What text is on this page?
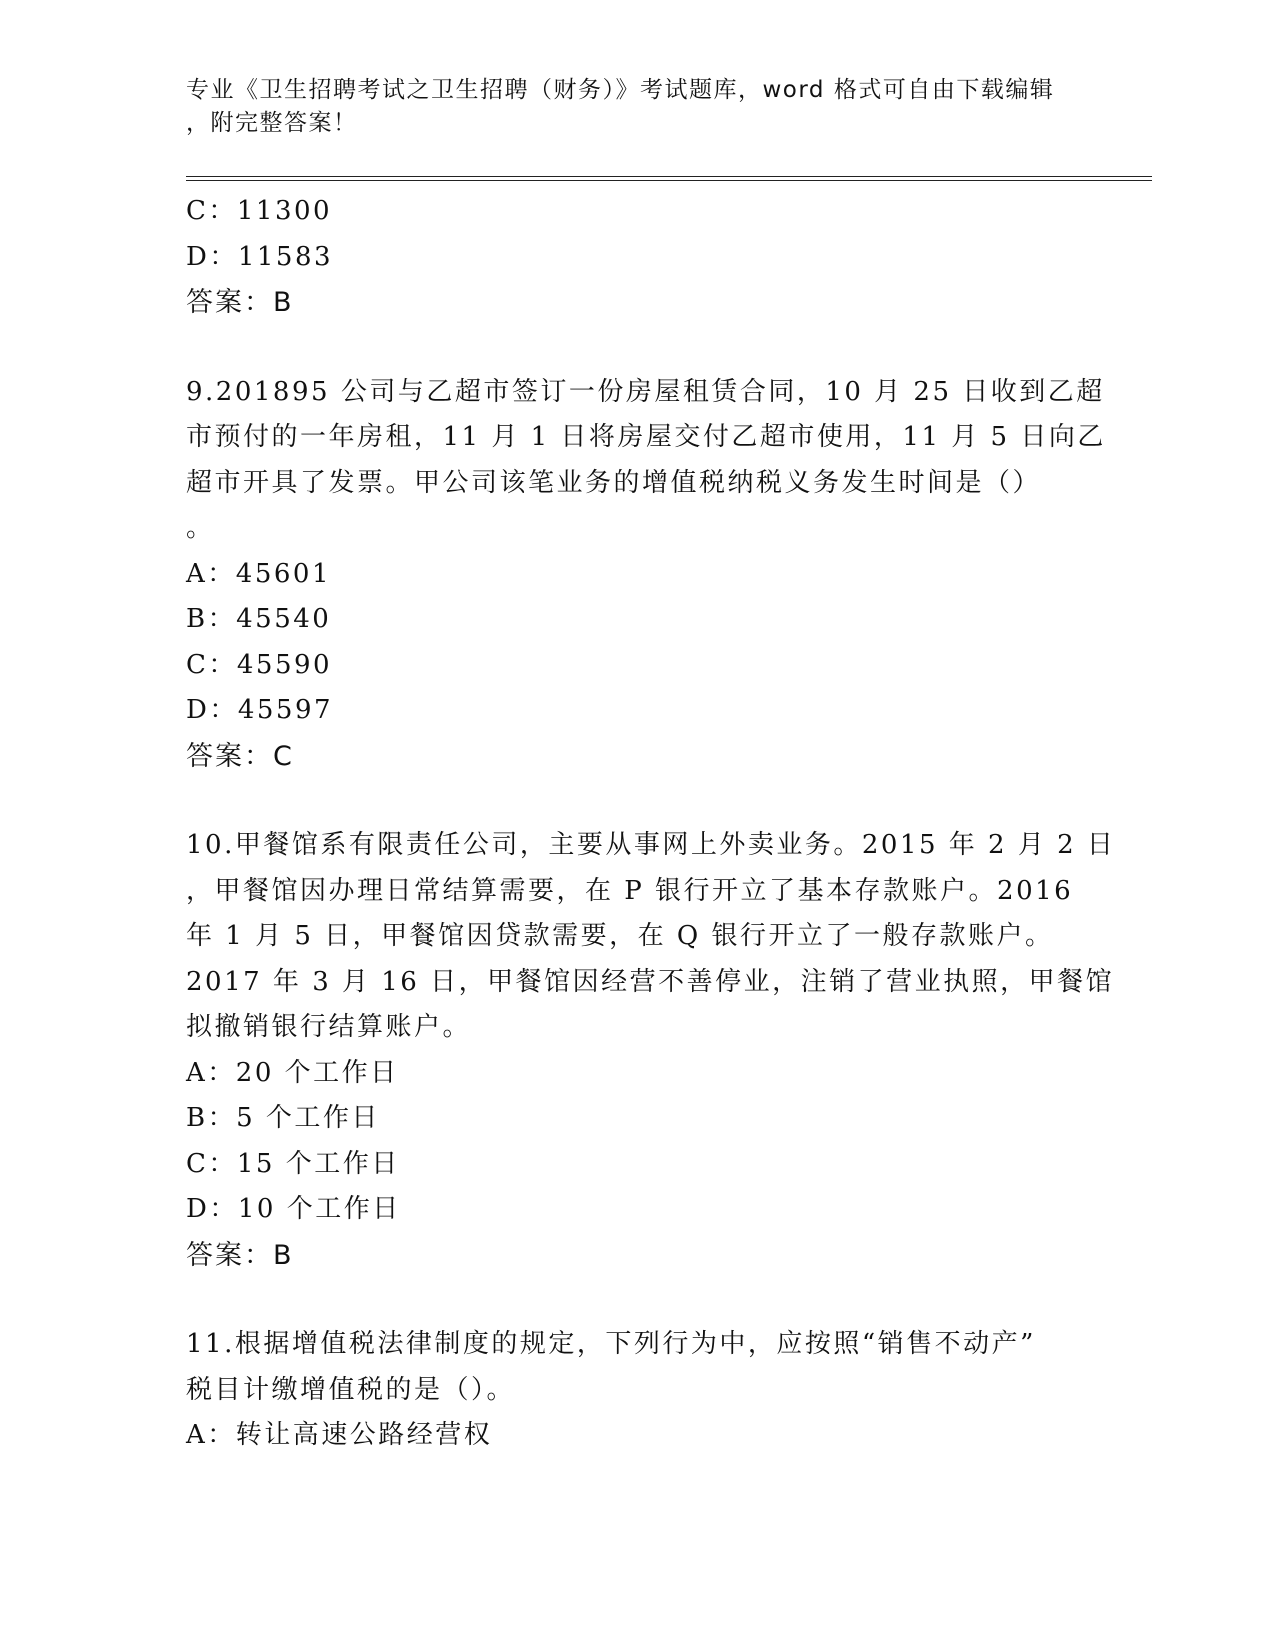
专业《卫生招聘考试之卫生招聘（财务）》考试题库，word 格式可自由下载编辑
，附完整答案！
C：11300
D：11583
答案：B
9.201895 公司与乙超市签订一份房屋租赁合同，10 月 25 日收到乙超
市预付的一年房租，11 月 1 日将房屋交付乙超市使用，11 月 5 日向乙
超市开具了发票。甲公司该笔业务的增值税纳税义务发生时间是（）
。
A：45601
B：45540
C：45590
D：45597
答案：C
10.甲餐馆系有限责任公司，主要从事网上外卖业务。2015 年 2 月 2 日
，甲餐馆因办理日常结算需要，在 P 银行开立了基本存款账户。2016
年 1 月 5 日，甲餐馆因贷款需要，在 Q 银行开立了一般存款账户。
2017 年 3 月 16 日，甲餐馆因经营不善停业，注销了营业执照，甲餐馆
拟撤销银行结算账户。
A：20 个工作日
B：5 个工作日
C：15 个工作日
D：10 个工作日
答案：B
11.根据增值税法律制度的规定，下列行为中，应按照“销售不动产”
税目计缴增值税的是（）。
A：转让高速公路经营权
